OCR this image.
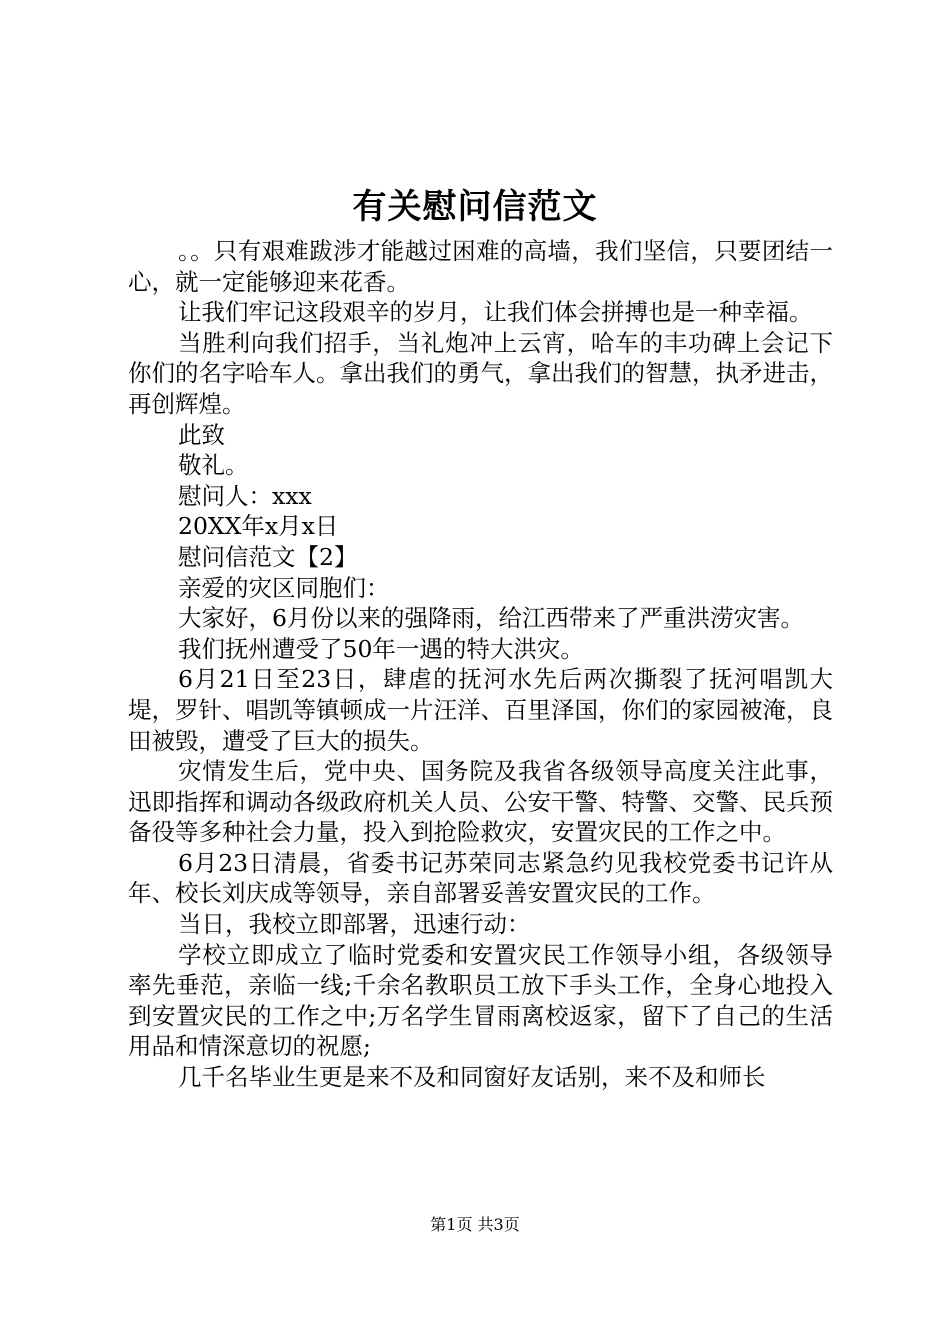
有关慰问信范文

。。只有艰难跋涉才能越过困难的高墙，我们坚信，只要团结一心，就一定能够迎来花香。

让我们牢记这段艰辛的岁月，让我们体会拼搏也是一种幸福。

当胜利向我们招手，当礼炮冲上云宵，哈车的丰功碑上会记下你们的名字哈车人。拿出我们的勇气，拿出我们的智慧，执矛进击，再创辉煌。

此致

敬礼。

慰问人：xxx

20XX年x月x日

慰问信范文【2】

亲爱的灾区同胞们：

大家好，6月份以来的强降雨，给江西带来了严重洪涝灾害。

我们抚州遭受了50年一遇的特大洪灾。

6月21日至23日，肆虐的抚河水先后两次撕裂了抚河唱凯大堤，罗针、唱凯等镇顿成一片汪洋、百里泽国，你们的家园被淹，良田被毁，遭受了巨大的损失。

灾情发生后，党中央、国务院及我省各级领导高度关注此事，迅即指挥和调动各级政府机关人员、公安干警、特警、交警、民兵预备役等多种社会力量，投入到抢险救灾，安置灾民的工作之中。

6月23日清晨，省委书记苏荣同志紧急约见我校党委书记许从年、校长刘庆成等领导，亲自部署妥善安置灾民的工作。

当日，我校立即部署，迅速行动：

学校立即成立了临时党委和安置灾民工作领导小组，各级领导率先垂范，亲临一线;千余名教职员工放下手头工作，全身心地投入到安置灾民的工作之中;万名学生冒雨离校返家，留下了自己的生活用品和情深意切的祝愿;

几千名毕业生更是来不及和同窗好友话别，来不及和师长

第1页 共3页
